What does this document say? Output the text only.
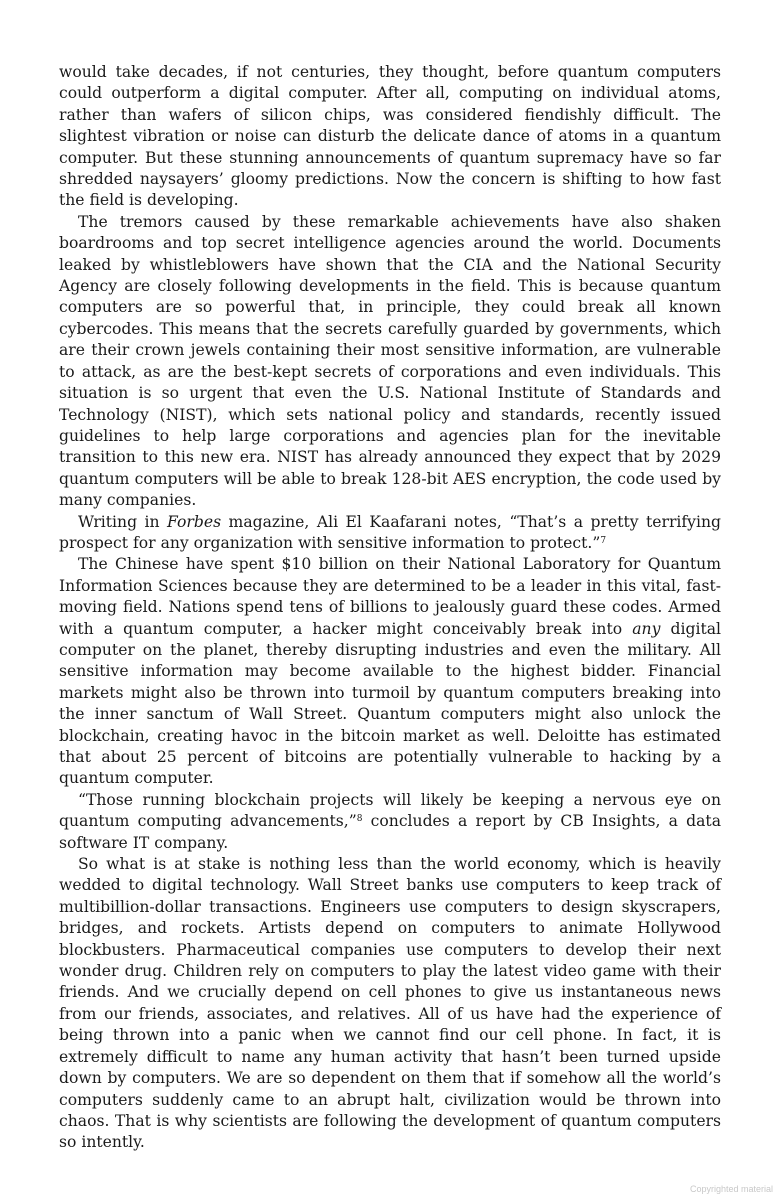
would take decades, if not centuries, they thought, before quantum computers could outperform a digital computer. After all, computing on individual atoms, rather than wafers of silicon chips, was considered fiendishly difficult. The slightest vibration or noise can disturb the delicate dance of atoms in a quantum computer. But these stunning announcements of quantum supremacy have so far shredded naysayers’ gloomy predictions. Now the concern is shifting to how fast the field is developing.

The tremors caused by these remarkable achievements have also shaken boardrooms and top secret intelligence agencies around the world. Documents leaked by whistleblowers have shown that the CIA and the National Security Agency are closely following developments in the field. This is because quantum computers are so powerful that, in principle, they could break all known cybercodes. This means that the secrets carefully guarded by governments, which are their crown jewels containing their most sensitive information, are vulnerable to attack, as are the best-kept secrets of corporations and even individuals. This situation is so urgent that even the U.S. National Institute of Standards and Technology (NIST), which sets national policy and standards, recently issued guidelines to help large corporations and agencies plan for the inevitable transition to this new era. NIST has already announced they expect that by 2029 quantum computers will be able to break 128-bit AES encryption, the code used by many companies.

Writing in Forbes magazine, Ali El Kaafarani notes, “That’s a pretty terrifying prospect for any organization with sensitive information to protect.”$^7$

The Chinese have spent $10 billion on their National Laboratory for Quantum Information Sciences because they are determined to be a leader in this vital, fast-moving field. Nations spend tens of billions to jealously guard these codes. Armed with a quantum computer, a hacker might conceivably break into any digital computer on the planet, thereby disrupting industries and even the military. All sensitive information may become available to the highest bidder. Financial markets might also be thrown into turmoil by quantum computers breaking into the inner sanctum of Wall Street. Quantum computers might also unlock the blockchain, creating havoc in the bitcoin market as well. Deloitte has estimated that about 25 percent of bitcoins are potentially vulnerable to hacking by a quantum computer.

“Those running blockchain projects will likely be keeping a nervous eye on quantum computing advancements,”$^8$ concludes a report by CB Insights, a data software IT company.

So what is at stake is nothing less than the world economy, which is heavily wedded to digital technology. Wall Street banks use computers to keep track of multibillion-dollar transactions. Engineers use computers to design skyscrapers, bridges, and rockets. Artists depend on computers to animate Hollywood blockbusters. Pharmaceutical companies use computers to develop their next wonder drug. Children rely on computers to play the latest video game with their friends. And we crucially depend on cell phones to give us instantaneous news from our friends, associates, and relatives. All of us have had the experience of being thrown into a panic when we cannot find our cell phone. In fact, it is extremely difficult to name any human activity that hasn’t been turned upside down by computers. We are so dependent on them that if somehow all the world’s computers suddenly came to an abrupt halt, civilization would be thrown into chaos. That is why scientists are following the development of quantum computers so intently.

Copyrighted material
